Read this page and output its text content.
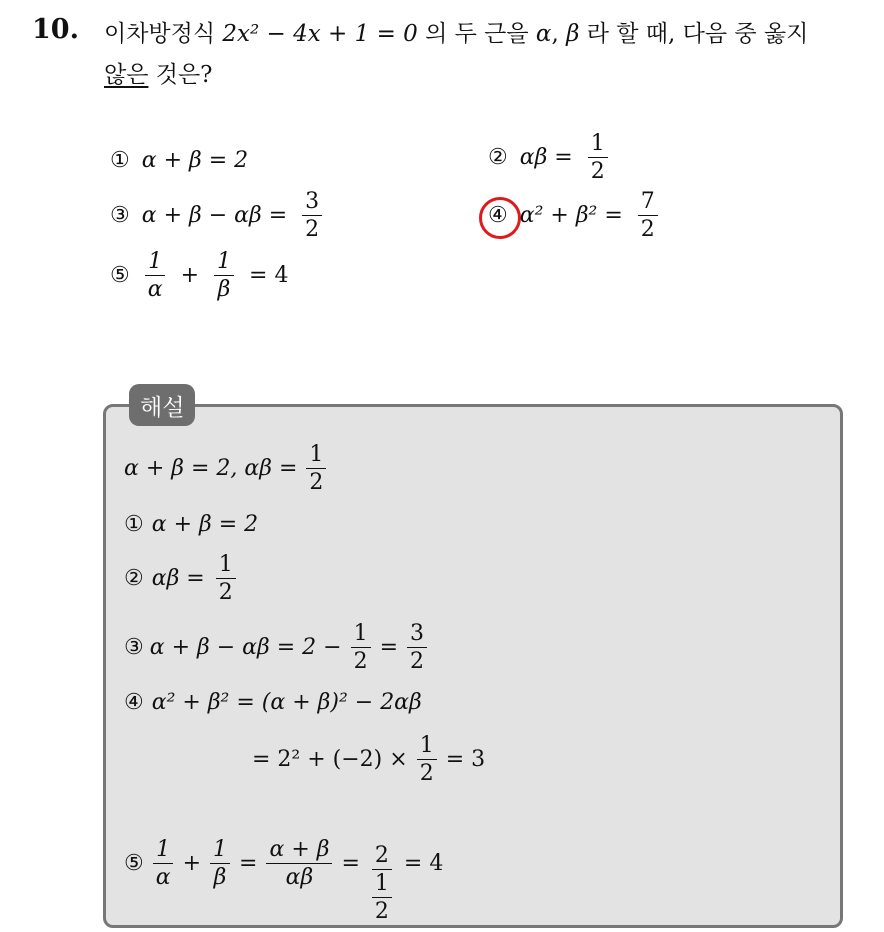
10. 이차방정식 2x² − 4x + 1 = 0 의 두 근을 α, β 라 할 때, 다음 중 옳지
않은 것은?
① α + β = 2	② $\alpha\beta = \frac{1}{2}$
③ $\alpha + \beta - \alpha\beta = \frac{3}{2}$	④ $\alpha^2 + \beta^2 = \frac{7}{2}$
⑤ $\frac{1}{\alpha} + \frac{1}{\beta} = 4$
해설
α + β = 2, $\alpha\beta = \frac{1}{2}$
① α + β = 2
② $\alpha\beta = \frac{1}{2}$
③ $\alpha + \beta - \alpha\beta = 2 - \frac{1}{2} = \frac{3}{2}$
④ α² + β² = (α + β)² − 2αβ
= $2^2 + (-2) \times \frac{1}{2} = 3$
⑤ $\frac{1}{\alpha} + \frac{1}{\beta} = \frac{\alpha + \beta}{\alpha\beta} = \frac{2}{\frac{1}{2}} = 4$
